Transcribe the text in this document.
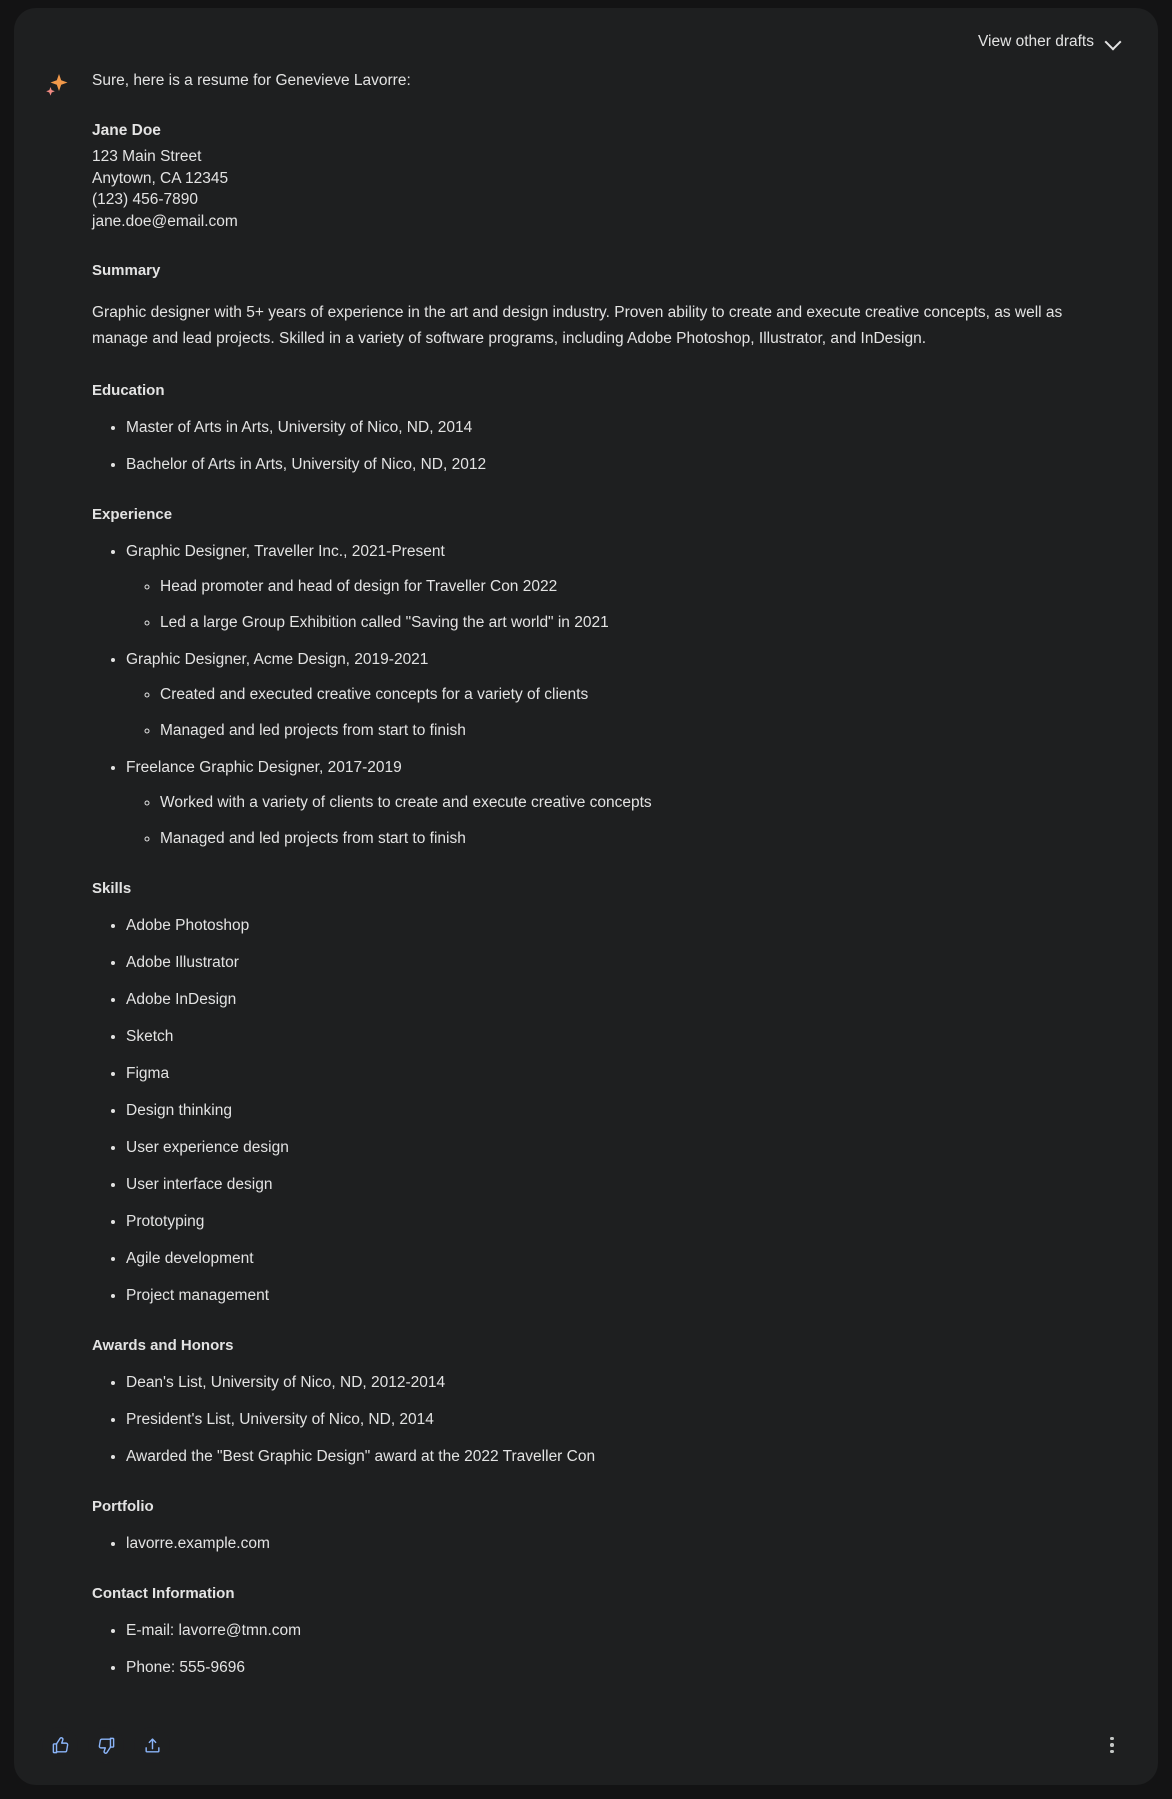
View other drafts

Sure, here is a resume for Genevieve Lavorre:

Jane Doe
123 Main Street
Anytown, CA 12345
(123) 456-7890
jane.doe@email.com
Summary

Graphic designer with 5+ years of experience in the art and design industry. Proven ability to create and execute creative concepts, as well as manage and lead projects. Skilled in a variety of software programs, including Adobe Photoshop, Illustrator, and InDesign.

Education
• Master of Arts in Arts, University of Nico, ND, 2014
• Bachelor of Arts in Arts, University of Nico, ND, 2012
Experience
• Graphic Designer, Traveller Inc., 2021-Present
◦ Head promoter and head of design for Traveller Con 2022
◦ Led a large Group Exhibition called "Saving the art world" in 2021
• Graphic Designer, Acme Design, 2019-2021
◦ Created and executed creative concepts for a variety of clients
◦ Managed and led projects from start to finish
• Freelance Graphic Designer, 2017-2019
◦ Worked with a variety of clients to create and execute creative concepts
◦ Managed and led projects from start to finish
Skills
• Adobe Photoshop
• Adobe Illustrator
• Adobe InDesign
• Sketch
• Figma
• Design thinking
• User experience design
• User interface design
• Prototyping
• Agile development
• Project management
Awards and Honors
• Dean's List, University of Nico, ND, 2012-2014
• President's List, University of Nico, ND, 2014
• Awarded the "Best Graphic Design" award at the 2022 Traveller Con
Portfolio
• lavorre.example.com
Contact Information
• E-mail: lavorre@tmn.com
• Phone: 555-9696
